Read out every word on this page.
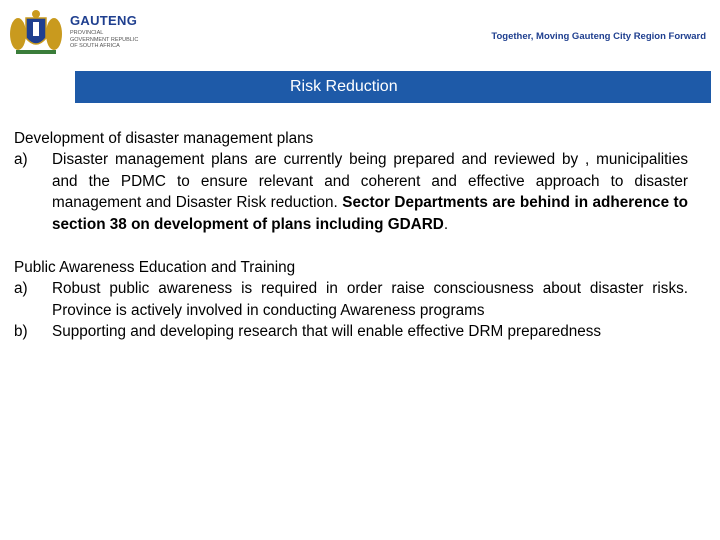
GAUTENG
PROVINCIAL GOVERNMENT REPUBLIC OF SOUTH AFRICA
Together, Moving Gauteng City Region Forward
Risk Reduction
Development of disaster management plans
a) Disaster management plans are currently being prepared and reviewed by , municipalities and the PDMC to ensure relevant and coherent and effective approach to disaster management and Disaster Risk reduction. Sector Departments are behind in adherence to section 38 on development of plans including GDARD.
Public Awareness Education and Training
a) Robust public awareness is required in order raise consciousness about disaster risks. Province is actively involved in conducting Awareness programs
b) Supporting and developing research that will enable effective DRM preparedness
